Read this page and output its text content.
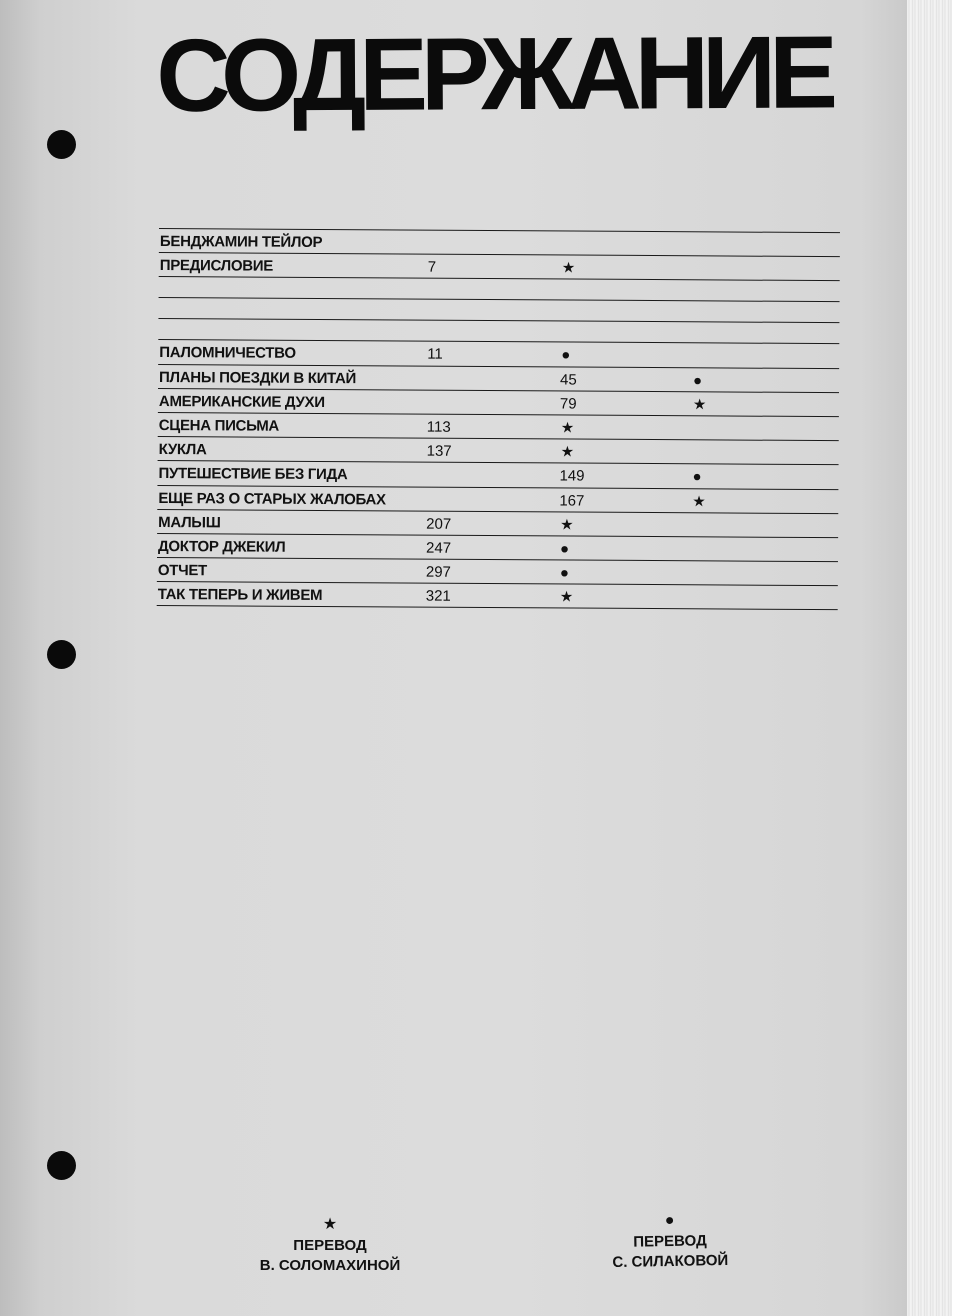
СОДЕРЖАНИЕ
БЕНДЖАМИН ТЕЙЛОР
ПРЕДИСЛОВИЕ	7	★
ПАЛОМНИЧЕСТВО	11	●
ПЛАНЫ ПОЕЗДКИ В КИТАЙ	45	●
АМЕРИКАНСКИЕ ДУХИ	79	★
СЦЕНА ПИСЬМА	113	★
КУКЛА	137	★
ПУТЕШЕСТВИЕ БЕЗ ГИДА	149	●
ЕЩЕ РАЗ О СТАРЫХ ЖАЛОБАХ	167	★
МАЛЫШ	207	★
ДОКТОР ДЖЕКИЛ	247	●
ОТЧЕТ	297	●
ТАК ТЕПЕРЬ И ЖИВЕМ	321	★
★
ПЕРЕВОД
В. СОЛОМАХИНОЙ
●
ПЕРЕВОД
С. СИЛАКОВОЙ
